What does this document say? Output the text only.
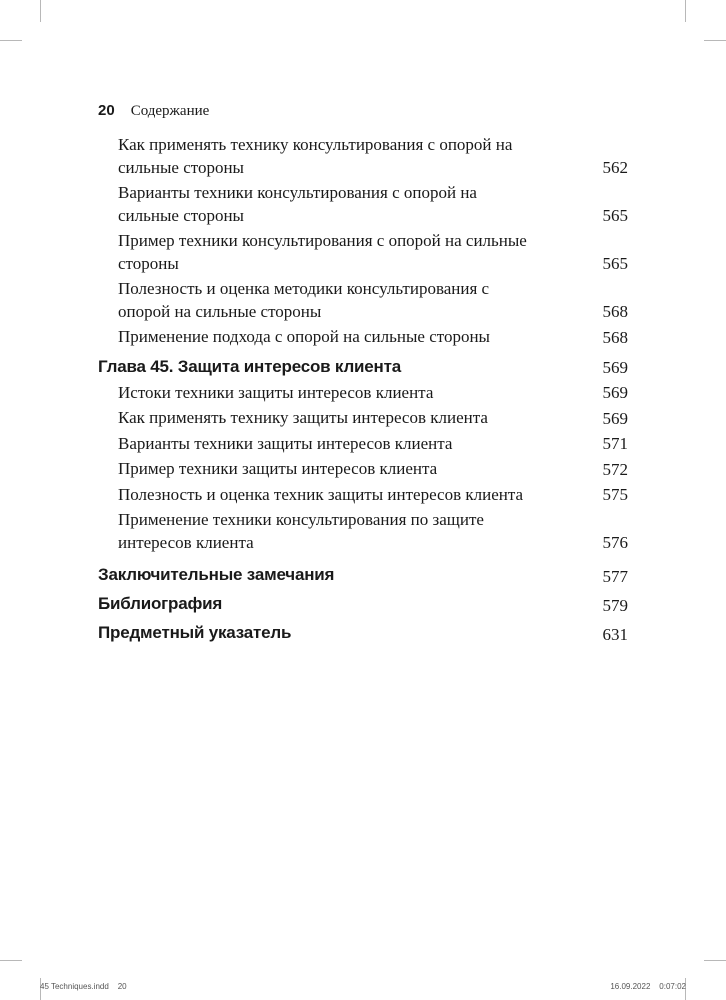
20 Содержание
Как применять технику консультирования с опорой на сильные стороны	562
Варианты техники консультирования с опорой на сильные стороны	565
Пример техники консультирования с опорой на сильные стороны	565
Полезность и оценка методики консультирования с опорой на сильные стороны	568
Применение подхода с опорой на сильные стороны	568
Глава 45. Защита интересов клиента	569
Истоки техники защиты интересов клиента	569
Как применять технику защиты интересов клиента	569
Варианты техники защиты интересов клиента	571
Пример техники защиты интересов клиента	572
Полезность и оценка техник защиты интересов клиента	575
Применение техники консультирования по защите интересов клиента	576
Заключительные замечания	577
Библиография	579
Предметный указатель	631
45 Techniques.indd 20	16.09.2022 0:07:02
